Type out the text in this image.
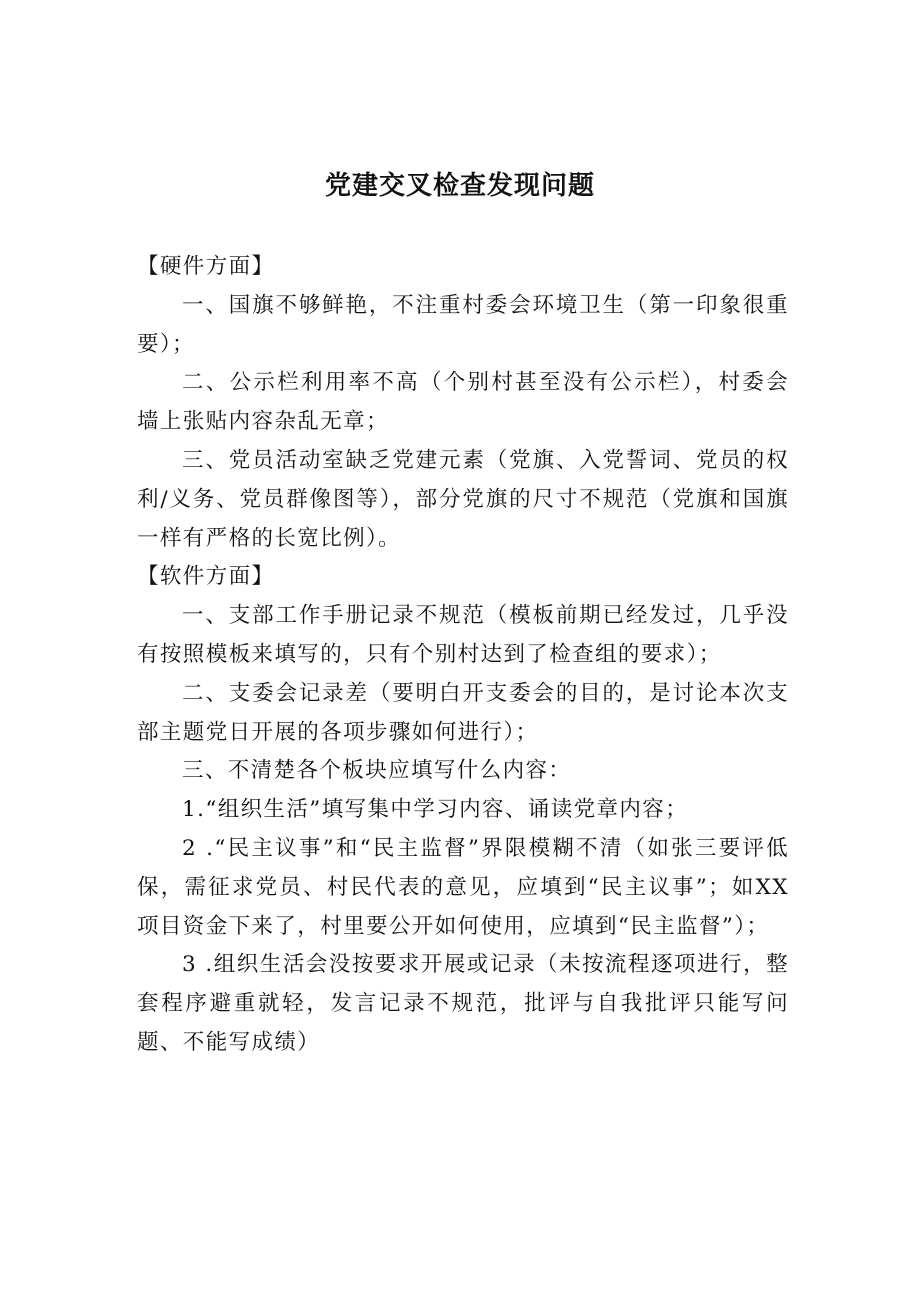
党建交叉检查发现问题

【硬件方面】

一、国旗不够鲜艳，不注重村委会环境卫生（第一印象很重要）；

二、公示栏利用率不高（个别村甚至没有公示栏），村委会墙上张贴内容杂乱无章；

三、党员活动室缺乏党建元素（党旗、入党誓词、党员的权利/义务、党员群像图等），部分党旗的尺寸不规范（党旗和国旗一样有严格的长宽比例）。

【软件方面】

一、支部工作手册记录不规范（模板前期已经发过，几乎没有按照模板来填写的，只有个别村达到了检查组的要求）；

二、支委会记录差（要明白开支委会的目的，是讨论本次支部主题党日开展的各项步骤如何进行）；

三、不清楚各个板块应填写什么内容：

1.“组织生活”填写集中学习内容、诵读党章内容；

2 .“民主议事”和“民主监督”界限模糊不清（如张三要评低保，需征求党员、村民代表的意见，应填到“民主议事”；如XX项目资金下来了，村里要公开如何使用，应填到“民主监督”）；

3 .组织生活会没按要求开展或记录（未按流程逐项进行，整套程序避重就轻，发言记录不规范，批评与自我批评只能写问题、不能写成绩）
